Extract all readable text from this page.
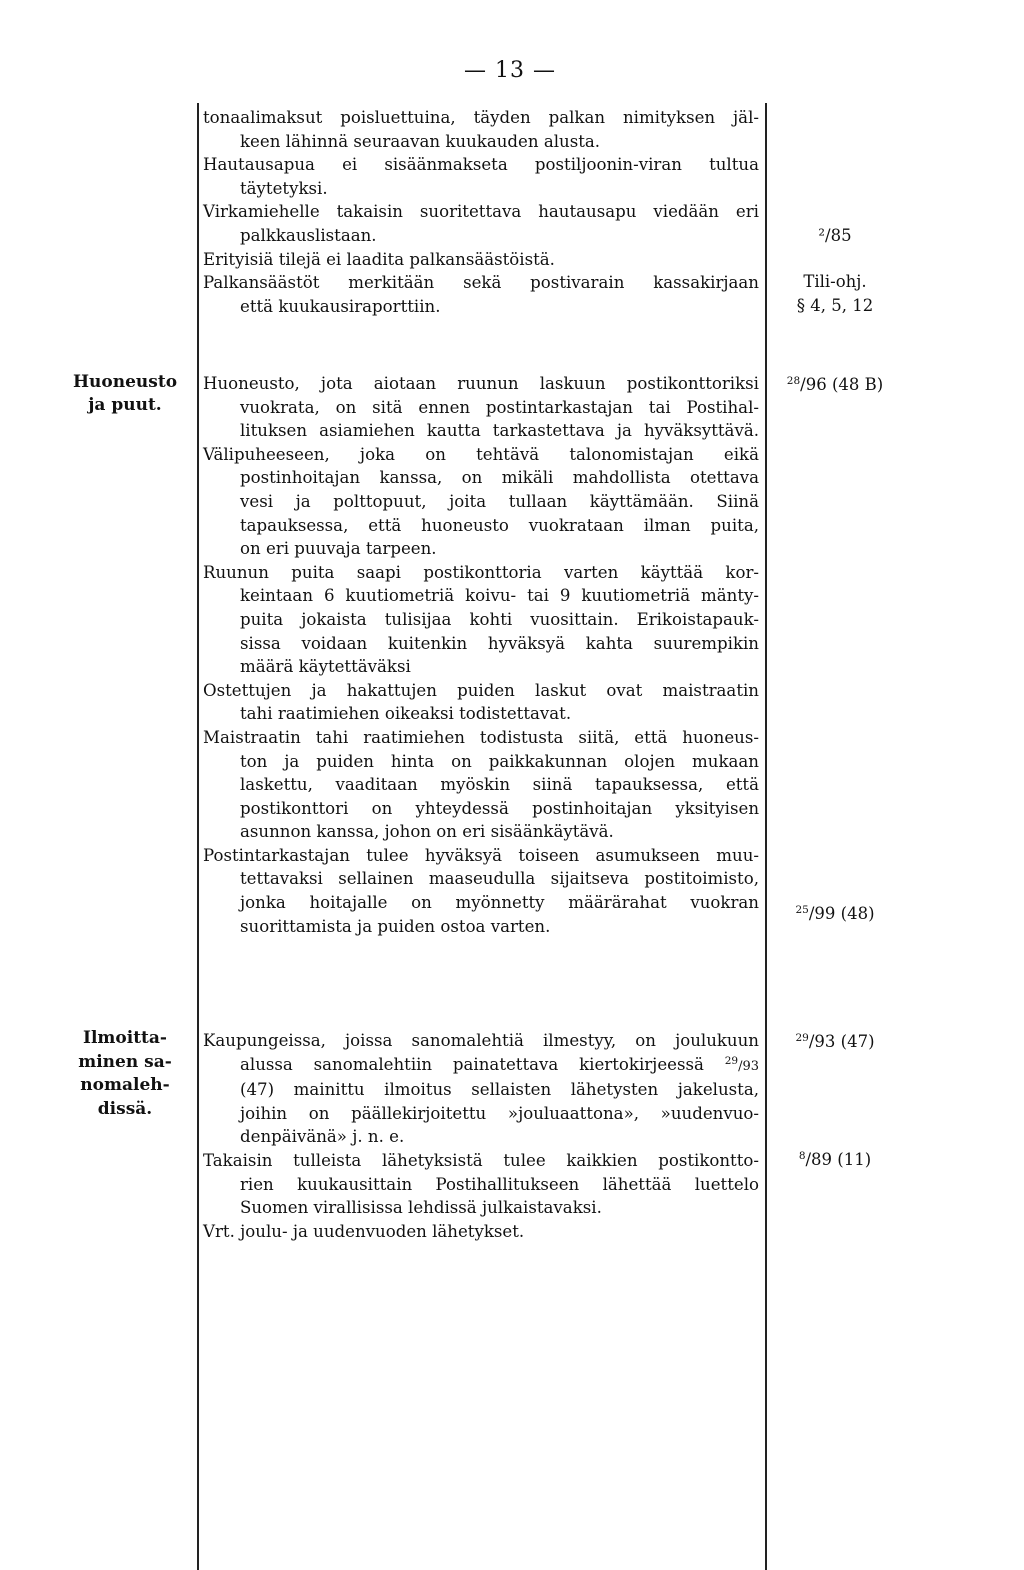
— 13 —
tonaalimaksut poisluettuina, täyden palkan nimityksen jäl-
keen lähinnä seuraavan kuukauden alusta.
Hautausapua ei sisäänmakseta postiljoonin-viran tultua
täytetyksi.
Virkamiehelle takaisin suoritettava hautausapu viedään eri
palkkauslistaan.
Erityisiä tilejä ei laadita palkansäästöistä.
Palkansäästöt merkitään sekä postivarain kassakirjaan
että kuukausiraporttiin.
²/85
Tili-ohj.
§ 4, 5, 12
Huoneusto
ja puut.
Huoneusto, jota aiotaan ruunun laskuun postikonttoriksi
vuokrata, on sitä ennen postintarkastajan tai Postihal-
lituksen asiamiehen kautta tarkastettava ja hyväksyttävä.
Välipuheeseen, joka on tehtävä talonomistajan eikä
postinhoitajan kanssa, on mikäli mahdollista otettava
vesi ja polttopuut, joita tullaan käyttämään. Siinä
tapauksessa, että huoneusto vuokrataan ilman puita,
on eri puuvaja tarpeen.
Ruunun puita saapi postikonttoria varten käyttää kor-
keintaan 6 kuutiometriä koivu- tai 9 kuutiometriä mänty-
puita jokaista tulisijaa kohti vuosittain. Erikoistapauk-
sissa voidaan kuitenkin hyväksyä kahta suurempikin
määrä käytettäväksi
Ostettujen ja hakattujen puiden laskut ovat maistraatin
tahi raatimiehen oikeaksi todistettavat.
Maistraatin tahi raatimiehen todistusta siitä, että huoneus-
ton ja puiden hinta on paikkakunnan olojen mukaan
laskettu, vaaditaan myöskin siinä tapauksessa, että
postikonttori on yhteydessä postinhoitajan yksityisen
asunnon kanssa, johon on eri sisäänkäytävä.
Postintarkastajan tulee hyväksyä toiseen asumukseen muu-
tettavaksi sellainen maaseudulla sijaitseva postitoimisto,
jonka hoitajalle on myönnetty määrärahat vuokran
suorittamista ja puiden ostoa varten.
$^{28}$/96 (48 B)
$^{25}$/99 (48)
Ilmoitta-
minen sa-
nomaleh-
dissä.
Kaupungeissa, joissa sanomalehtiä ilmestyy, on joulukuun
alussa sanomalehtiin painatettava kiertokirjeessä $^{29}$/93
(47) mainittu ilmoitus sellaisten lähetysten jakelusta,
joihin on päällekirjoitettu »jouluaattona», »uudenvuo-
denpäivänä» j. n. e.
Takaisin tulleista lähetyksistä tulee kaikkien postikontto-
rien kuukausittain Postihallitukseen lähettää luettelo
Suomen virallisissa lehdissä julkaistavaksi.
Vrt. joulu- ja uudenvuoden lähetykset.
$^{29}$/93 (47)
$^8$/89 (11)
